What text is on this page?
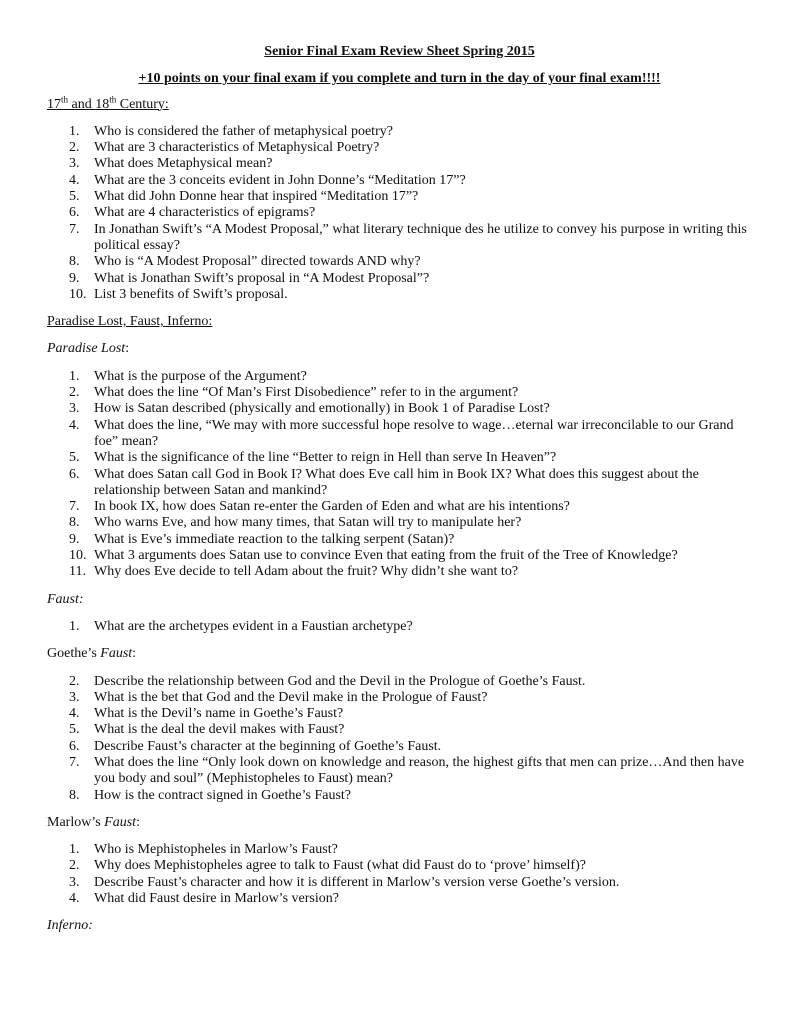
Senior Final Exam Review Sheet Spring 2015
+10 points on your final exam if you complete and turn in the day of your final exam!!!!
17th and 18th Century:
1. Who is considered the father of metaphysical poetry?
2. What are 3 characteristics of Metaphysical Poetry?
3. What does Metaphysical mean?
4. What are the 3 conceits evident in John Donne’s “Meditation 17”?
5. What did John Donne hear that inspired “Meditation 17”?
6. What are 4 characteristics of epigrams?
7. In Jonathan Swift’s “A Modest Proposal,” what literary technique des he utilize to convey his purpose in writing this political essay?
8. Who is “A Modest Proposal” directed towards AND why?
9. What is Jonathan Swift’s proposal in “A Modest Proposal”?
10. List 3 benefits of Swift’s proposal.
Paradise Lost, Faust, Inferno:
Paradise Lost:
1. What is the purpose of the Argument?
2. What does the line “Of Man’s First Disobedience” refer to in the argument?
3. How is Satan described (physically and emotionally) in Book 1 of Paradise Lost?
4. What does the line, “We may with more successful hope resolve to wage…eternal war irreconcilable to our Grand foe” mean?
5. What is the significance of the line “Better to reign in Hell than serve In Heaven”?
6. What does Satan call God in Book I? What does Eve call him in Book IX? What does this suggest about the relationship between Satan and mankind?
7. In book IX, how does Satan re-enter the Garden of Eden and what are his intentions?
8. Who warns Eve, and how many times, that Satan will try to manipulate her?
9. What is Eve’s immediate reaction to the talking serpent (Satan)?
10. What 3 arguments does Satan use to convince Even that eating from the fruit of the Tree of Knowledge?
11. Why does Eve decide to tell Adam about the fruit? Why didn’t she want to?
Faust:
1. What are the archetypes evident in a Faustian archetype?
Goethe’s Faust:
2. Describe the relationship between God and the Devil in the Prologue of Goethe’s Faust.
3. What is the bet that God and the Devil make in the Prologue of Faust?
4. What is the Devil’s name in Goethe’s Faust?
5. What is the deal the devil makes with Faust?
6. Describe Faust’s character at the beginning of Goethe’s Faust.
7. What does the line “Only look down on knowledge and reason, the highest gifts that men can prize…And then have you body and soul” (Mephistopheles to Faust) mean?
8. How is the contract signed in Goethe’s Faust?
Marlow’s Faust:
1. Who is Mephistopheles in Marlow’s Faust?
2. Why does Mephistopheles agree to talk to Faust (what did Faust do to ‘prove’ himself)?
3. Describe Faust’s character and how it is different in Marlow’s version verse Goethe’s version.
4. What did Faust desire in Marlow’s version?
Inferno:
